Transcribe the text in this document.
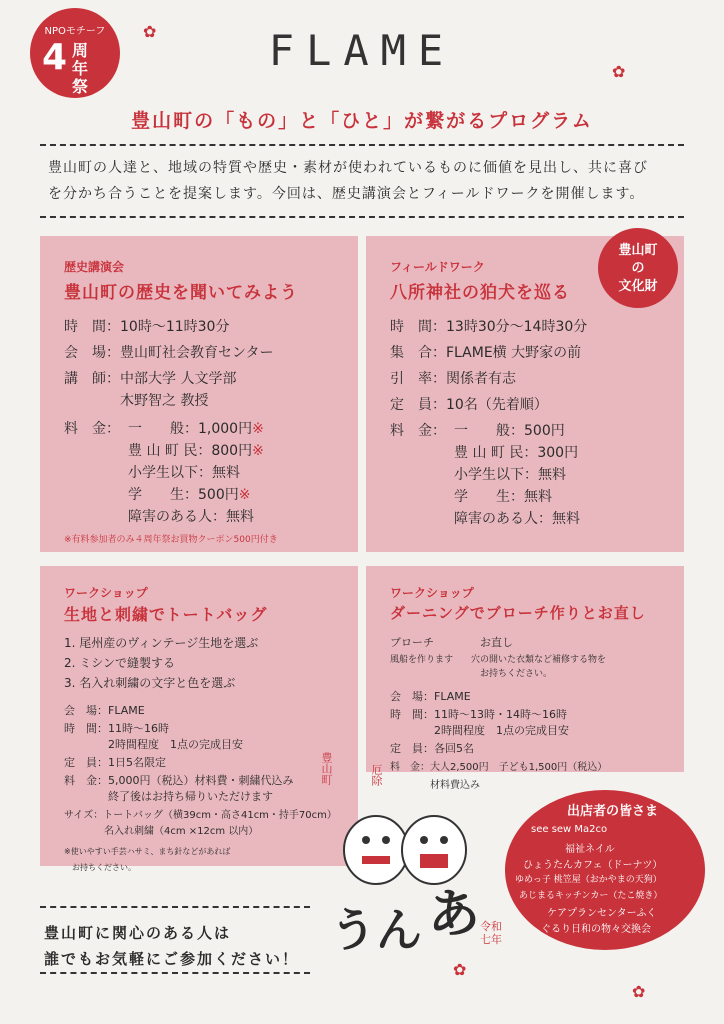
NPOモチーフ
4 周年祭
✿
✿
FLAME
豊山町の「もの」と「ひと」が繋がるプログラム
豊山町の人達と、地域の特質や歴史・素材が使われているものに価値を見出し、共に喜び
を分かち合うことを提案します。今回は、歴史講演会とフィールドワークを開催します。
歴史講演会
豊山町の歴史を聞いてみよう
時　間：10時〜11時30分
会　場：豊山町社会教育センター
講　師：中部大学 人文学部
　　　　木野智之 教授
料　金： 一　　般：1,000円※
豊 山 町 民：800円※
小学生以下：無料
学　　生：500円※
障害のある人：無料
※有料参加者のみ４周年祭お買物クーポン500円付き
フィールドワーク
八所神社の狛犬を巡る
時　間：13時30分〜14時30分
集　合：FLAME横 大野家の前
引　率：関係者有志
定　員：10名（先着順）
料　金： 一　　般：500円
豊 山 町 民：300円
小学生以下：無料
学　　生：無料
障害のある人：無料
豊山町
の
文化財
ワークショップ
生地と刺繍でトートバッグ
1. 尾州産のヴィンテージ生地を選ぶ
2. ミシンで縫製する
3. 名入れ刺繍の文字と色を選ぶ
会　場：FLAME
時　間：11時〜16時
　　　　2時間程度　1点の完成目安
定　員：1日5名限定
料　金：5,000円（税込）材料費・刺繍代込み
　　　　終了後はお持ち帰りいただけます
サイズ：トートバッグ（横39cm・高さ41cm・持手70cm）
　　　　名入れ刺繍（4cm ×12cm 以内）
※使いやすい手芸ハサミ、まち針などがあれば
　お持ちください。
ワークショップ
ダーニングでブローチ作りとお直し
ブローチ	お直し
風船を作ります　　穴の開いた衣類など補修する物を
　　　　　　　　　　お持ちください。
会　場：FLAME
時　間：11時〜13時・14時〜16時
　　　　2時間程度　1点の完成目安
定　員：各回5名
料　金：大人2,500円　子ども1,500円（税込）
　　　　材料費込み
豊山町	厄除
うん あ 令和七年
出店者の皆さま
see sew Ma2co
福祉ネイル
ひょうたんカフェ（ドーナツ）
ゆめっ子 桃笠屋（おかやまの天狗）
あじまるキッチンカー（たこ焼き）
ケアプランセンターふく
ぐるり日和の物々交換会
豊山町に関心のある人は
誰でもお気軽にご参加ください！
✿
✿
